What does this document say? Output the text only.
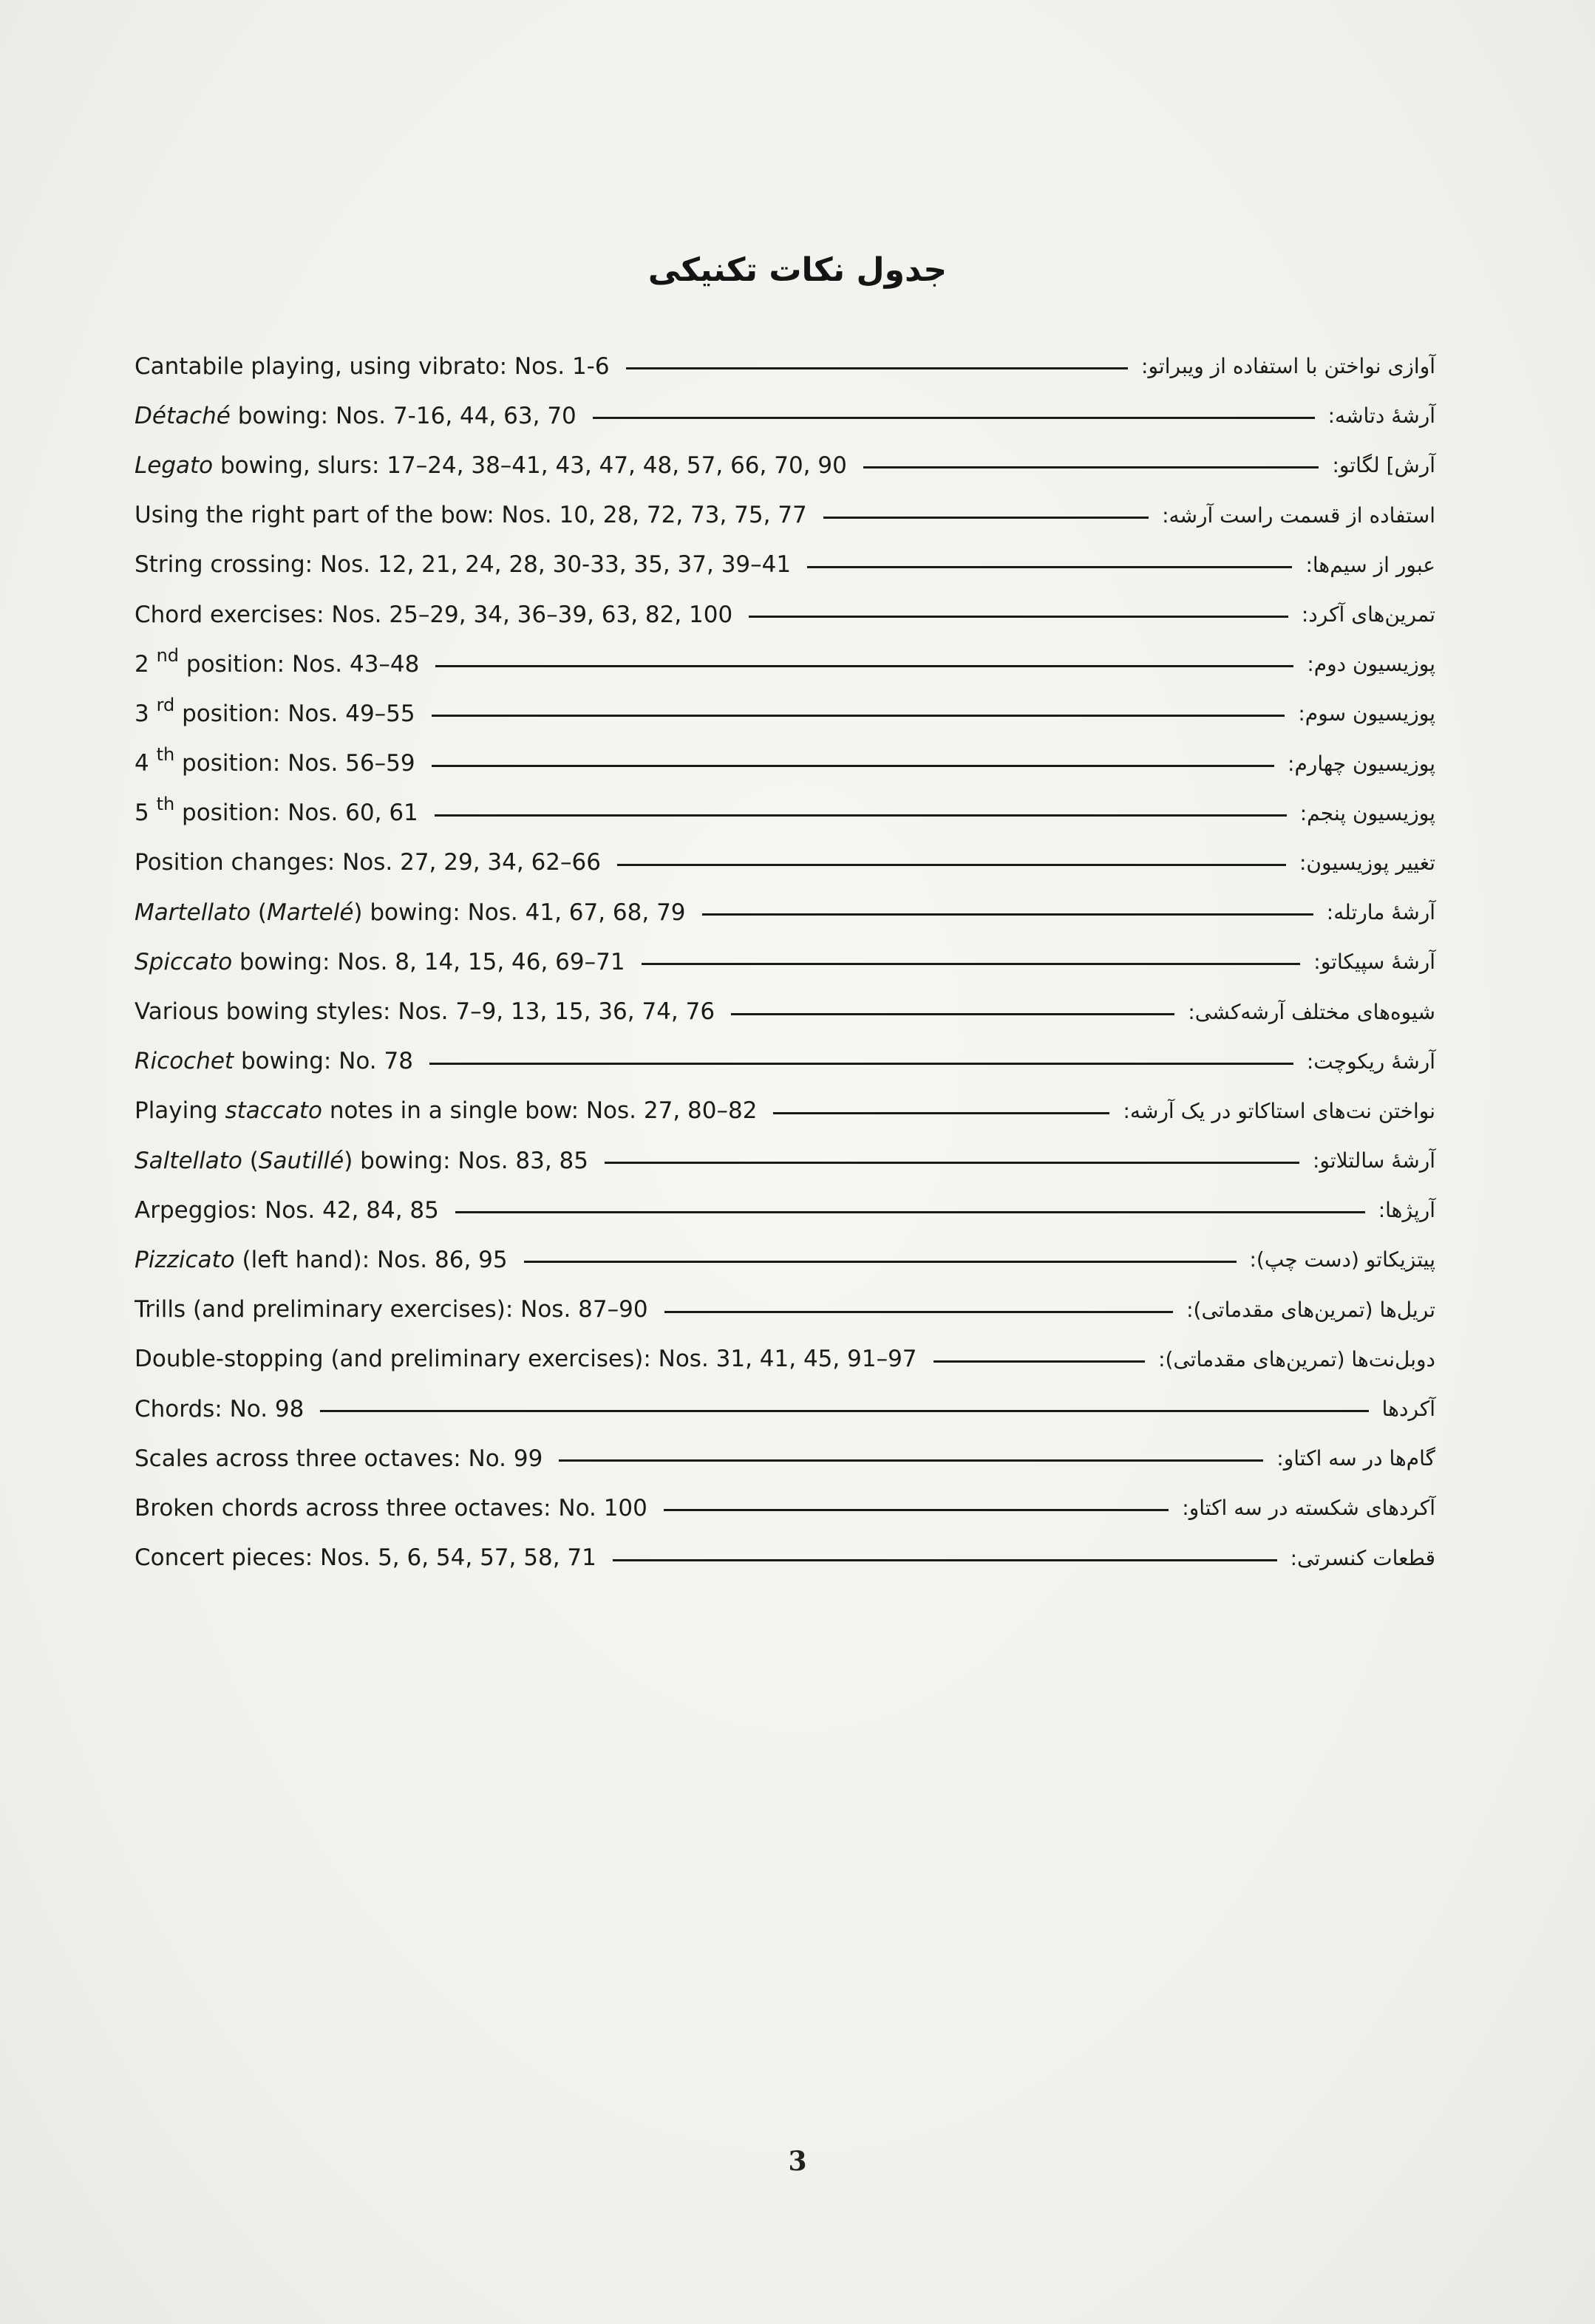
جدول نکات تکنیکی
Cantabile playing, using vibrato: Nos. 1-6	آوازی نواختن با استفاده از ویبراتو:
Détaché bowing: Nos. 7-16, 44, 63, 70	آرشهٔ دتاشه:
Legato bowing, slurs: 17–24, 38–41, 43, 47, 48, 57, 66, 70, 90	آرش] لگاتو:
Using the right part of the bow: Nos. 10, 28, 72, 73, 75, 77	استفاده از قسمت راست آرشه:
String crossing: Nos. 12, 21, 24, 28, 30-33, 35, 37, 39–41	عبور از سیم‌ها:
Chord exercises: Nos. 25–29, 34, 36–39, 63, 82, 100	تمرین‌های آکرد:
2 $^{nd}$ position: Nos. 43–48	پوزیسیون دوم:
3 $^{rd}$ position: Nos. 49–55	پوزیسیون سوم:
4 $^{th}$ position: Nos. 56–59	پوزیسیون چهارم:
5 $^{th}$ position: Nos. 60, 61	پوزیسیون پنجم:
Position changes: Nos. 27, 29, 34, 62–66	تغییر پوزیسیون:
Martellato (Martelé) bowing: Nos. 41, 67, 68, 79	آرشهٔ مارتله:
Spiccato bowing: Nos. 8, 14, 15, 46, 69–71	آرشهٔ سپیکاتو:
Various bowing styles: Nos. 7–9, 13, 15, 36, 74, 76	شیوه‌های مختلف آرشه‌کشی:
Ricochet bowing: No. 78	آرشهٔ ریکوچت:
Playing staccato notes in a single bow: Nos. 27, 80–82	نواختن نت‌های استاکاتو در یک آرشه:
Saltellato (Sautillé) bowing: Nos. 83, 85	آرشهٔ سالتلاتو:
Arpeggios: Nos. 42, 84, 85	آرپژها:
Pizzicato (left hand): Nos. 86, 95	پیتزیکاتو (دست چپ):
Trills (and preliminary exercises): Nos. 87–90	تریل‌ها (تمرین‌های مقدماتی):
Double-stopping (and preliminary exercises): Nos. 31, 41, 45, 91–97	دوبل‌نت‌ها (تمرین‌های مقدماتی):
Chords: No. 98	آکردها
Scales across three octaves: No. 99	گام‌ها در سه اکتاو:
Broken chords across three octaves: No. 100	آکردهای شکسته در سه اکتاو:
Concert pieces: Nos. 5, 6, 54, 57, 58, 71	قطعات کنسرتی:
3
